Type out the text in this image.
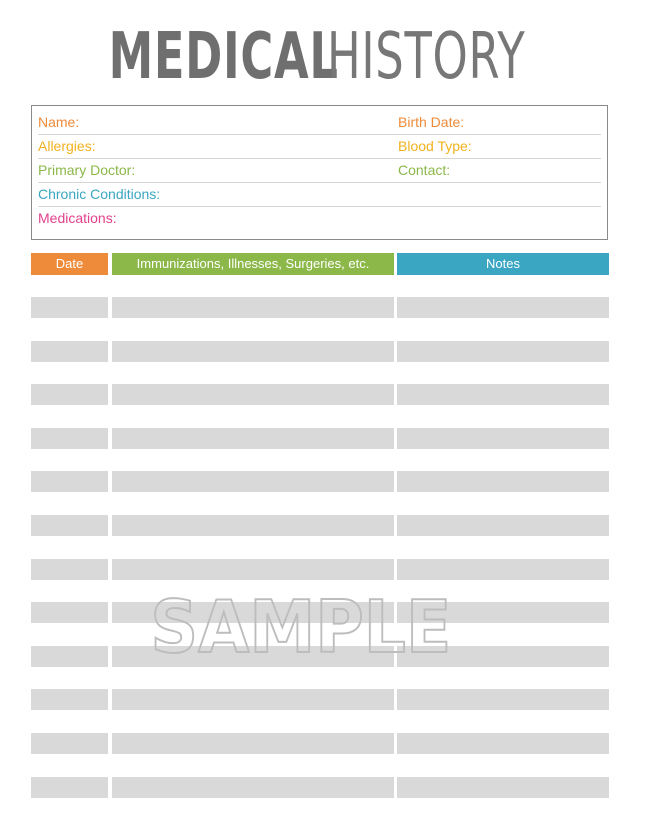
MEDICALHISTORY
Name:	Birth Date:
Allergies:	Blood Type:
Primary Doctor:	Contact:
Chronic Conditions:
Medications:
Date	Immunizations, Illnesses, Surgeries, etc.	Notes
SAMPLE
